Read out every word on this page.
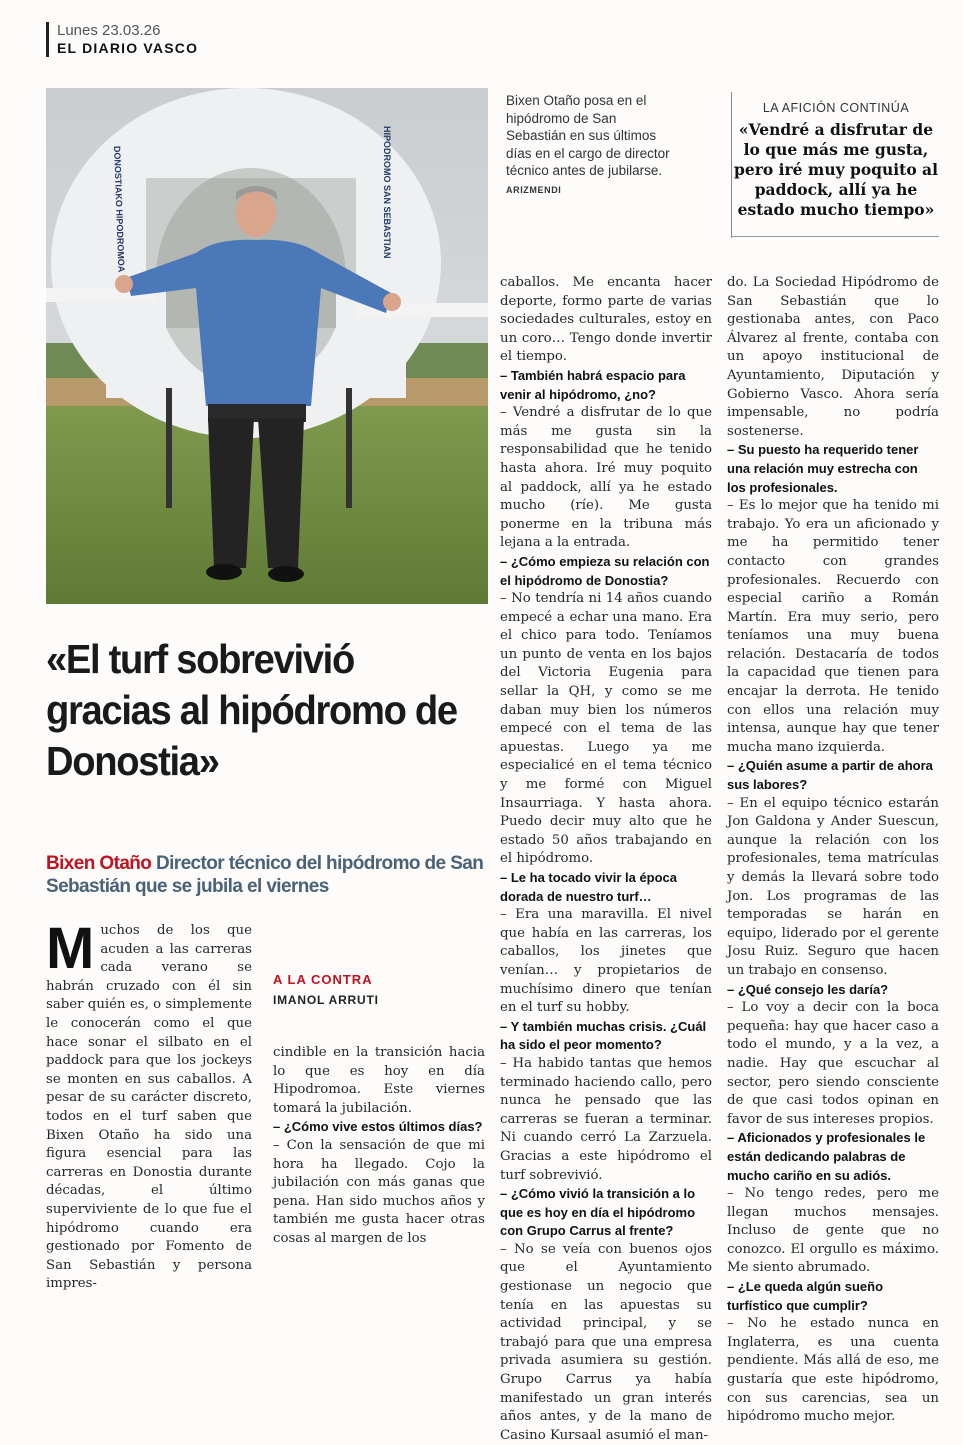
Lunes 23.03.26
EL DIARIO VASCO
DONOSTIAKO HIPODROMOA	HIPODROMO SAN SEBASTIAN
Bixen Otaño posa en el hipódromo de San Sebastián en sus últimos días en el cargo de director técnico antes de jubilarse. ARIZMENDI
LA AFICIÓN CONTINÚA
«Vendré a disfrutar de lo que más me gusta, pero iré muy poquito al paddock, allí ya he estado mucho tiempo»
«El turf sobrevivió gracias al hipódromo de Donostia»
Bixen Otaño Director técnico del hipódromo de San Sebastián que se jubila el viernes
Muchos de los que acuden a las carreras cada verano se habrán cruzado con él sin saber quién es, o simplemente le conocerán como el que hace sonar el silbato en el paddock para que los jockeys se monten en sus caballos. A pesar de su carácter discreto, todos en el turf saben que Bixen Otaño ha sido una figura esencial para las carreras en Donostia durante décadas, el último superviviente de lo que fue el hipódromo cuando era gestionado por Fomento de San Sebastián y persona impres-
A LA CONTRA
IMANOL ARRUTI

cindible en la transición hacia lo que es hoy en día Hipodromoa. Este viernes tomará la jubilación.

– ¿Cómo vive estos últimos días?

– Con la sensación de que mi hora ha llegado. Cojo la jubilación con más ganas que pena. Han sido muchos años y también me gusta hacer otras cosas al margen de los

caballos. Me encanta hacer deporte, formo parte de varias sociedades culturales, estoy en un coro… Tengo donde invertir el tiempo.

– También habrá espacio para venir al hipódromo, ¿no?

– Vendré a disfrutar de lo que más me gusta sin la responsabilidad que he tenido hasta ahora. Iré muy poquito al paddock, allí ya he estado mucho (ríe). Me gusta ponerme en la tribuna más lejana a la entrada.

– ¿Cómo empieza su relación con el hipódromo de Donostia?

– No tendría ni 14 años cuando empecé a echar una mano. Era el chico para todo. Teníamos un punto de venta en los bajos del Victoria Eugenia para sellar la QH, y como se me daban muy bien los números empecé con el tema de las apuestas. Luego ya me especialicé en el tema técnico y me formé con Miguel Insaurriaga. Y hasta ahora. Puedo decir muy alto que he estado 50 años trabajando en el hipódromo.

– Le ha tocado vivir la época dorada de nuestro turf…

– Era una maravilla. El nivel que había en las carreras, los caballos, los jinetes que venían… y propietarios de muchísimo dinero que tenían en el turf su hobby.

– Y también muchas crisis. ¿Cuál ha sido el peor momento?

– Ha habido tantas que hemos terminado haciendo callo, pero nunca he pensado que las carreras se fueran a terminar. Ni cuando cerró La Zarzuela. Gracias a este hipódromo el turf sobrevivió.

– ¿Cómo vivió la transición a lo que es hoy en día el hipódromo con Grupo Carrus al frente?

– No se veía con buenos ojos que el Ayuntamiento gestionase un negocio que tenía en las apuestas su actividad principal, y se trabajó para que una empresa privada asumiera su gestión. Grupo Carrus ya había manifestado un gran interés años antes, y de la mano de Casino Kursaal asumió el man-

do. La Sociedad Hipódromo de San Sebastián que lo gestionaba antes, con Paco Álvarez al frente, contaba con un apoyo institucional de Ayuntamiento, Diputación y Gobierno Vasco. Ahora sería impensable, no podría sostenerse.

– Su puesto ha requerido tener una relación muy estrecha con los profesionales.

– Es lo mejor que ha tenido mi trabajo. Yo era un aficionado y me ha permitido tener contacto con grandes profesionales. Recuerdo con especial cariño a Román Martín. Era muy serio, pero teníamos una muy buena relación. Destacaría de todos la capacidad que tienen para encajar la derrota. He tenido con ellos una relación muy intensa, aunque hay que tener mucha mano izquierda.

– ¿Quién asume a partir de ahora sus labores?

– En el equipo técnico estarán Jon Galdona y Ander Suescun, aunque la relación con los profesionales, tema matrículas y demás la llevará sobre todo Jon. Los programas de las temporadas se harán en equipo, liderado por el gerente Josu Ruiz. Seguro que hacen un trabajo en consenso.

– ¿Qué consejo les daría?

– Lo voy a decir con la boca pequeña: hay que hacer caso a todo el mundo, y a la vez, a nadie. Hay que escuchar al sector, pero siendo consciente de que casi todos opinan en favor de sus intereses propios.

– Aficionados y profesionales le están dedicando palabras de mucho cariño en su adiós.

– No tengo redes, pero me llegan muchos mensajes. Incluso de gente que no conozco. El orgullo es máximo. Me siento abrumado.

– ¿Le queda algún sueño turfístico que cumplir?

– No he estado nunca en Inglaterra, es una cuenta pendiente. Más allá de eso, me gustaría que este hipódromo, con sus carencias, sea un hipódromo mucho mejor.
